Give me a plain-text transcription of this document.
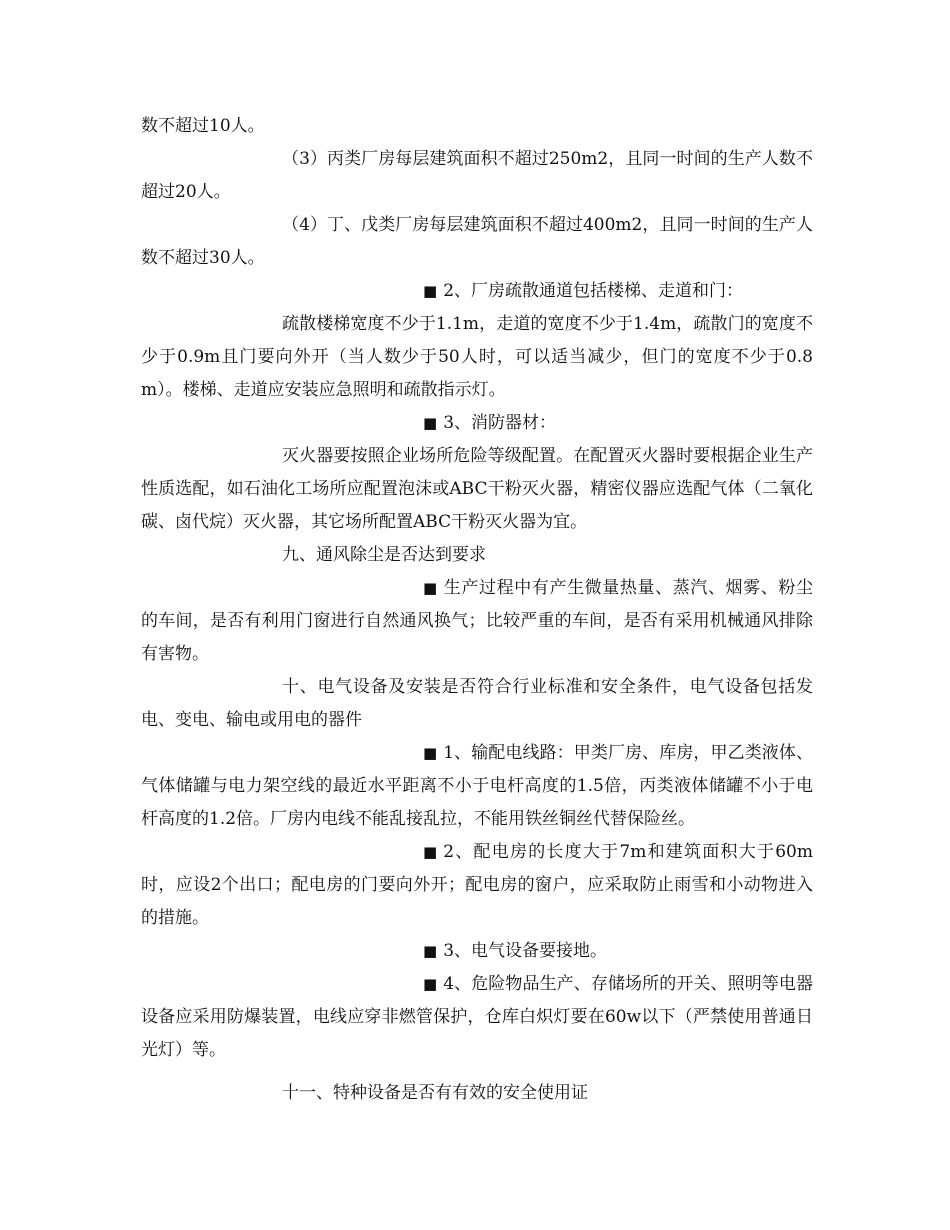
数不超过10人。

（3）丙类厂房每层建筑面积不超过250m2，且同一时间的生产人数不超过20人。

（4）丁、戊类厂房每层建筑面积不超过400m2，且同一时间的生产人数不超过30人。

■ 2、厂房疏散通道包括楼梯、走道和门：

疏散楼梯宽度不少于1.1m，走道的宽度不少于1.4m，疏散门的宽度不少于0.9m且门要向外开（当人数少于50人时，可以适当减少，但门的宽度不少于0.8m）。楼梯、走道应安装应急照明和疏散指示灯。

■ 3、消防器材：

灭火器要按照企业场所危险等级配置。在配置灭火器时要根据企业生产性质选配，如石油化工场所应配置泡沫或ABC干粉灭火器，精密仪器应选配气体（二氧化碳、卤代烷）灭火器，其它场所配置ABC干粉灭火器为宜。

九、通风除尘是否达到要求

■ 生产过程中有产生微量热量、蒸汽、烟雾、粉尘的车间，是否有利用门窗进行自然通风换气；比较严重的车间，是否有采用机械通风排除有害物。

十、电气设备及安装是否符合行业标准和安全条件，电气设备包括发电、变电、输电或用电的器件

■ 1、输配电线路：甲类厂房、库房，甲乙类液体、气体储罐与电力架空线的最近水平距离不小于电杆高度的1.5倍，丙类液体储罐不小于电杆高度的1.2倍。厂房内电线不能乱接乱拉，不能用铁丝铜丝代替保险丝。

■ 2、配电房的长度大于7m和建筑面积大于60m时，应设2个出口；配电房的门要向外开；配电房的窗户，应采取防止雨雪和小动物进入的措施。

■ 3、电气设备要接地。

■ 4、危险物品生产、存储场所的开关、照明等电器设备应采用防爆装置，电线应穿非燃管保护，仓库白炽灯要在60w以下（严禁使用普通日光灯）等。

十一、特种设备是否有有效的安全使用证
